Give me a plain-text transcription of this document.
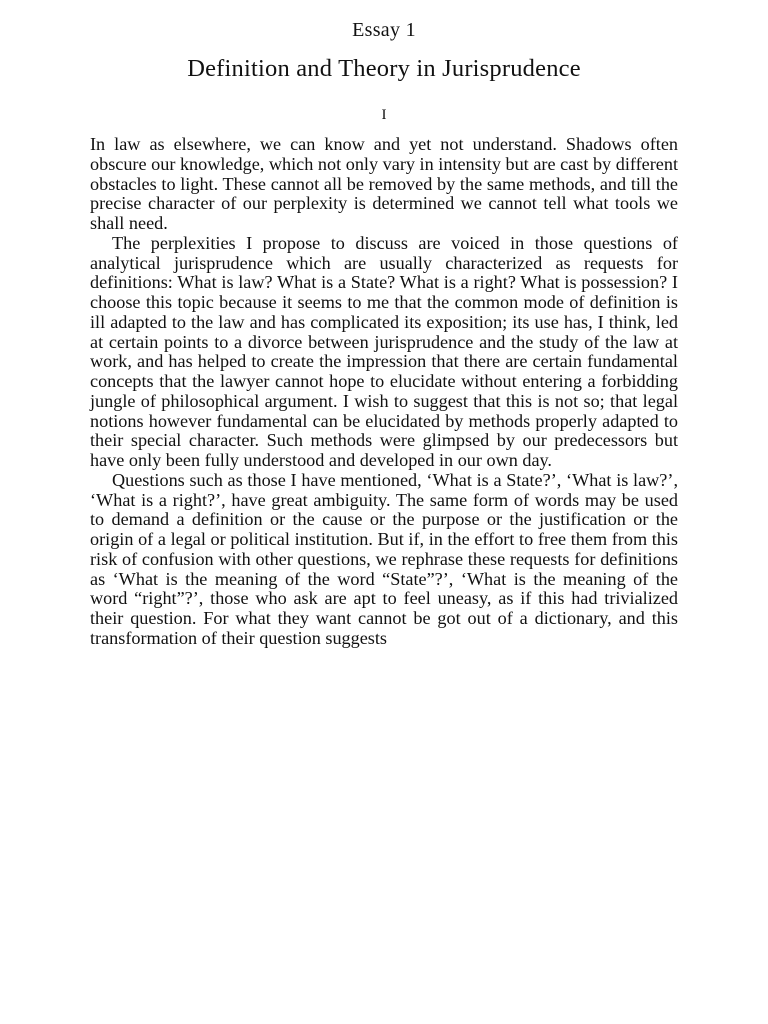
Essay 1
Definition and Theory in Jurisprudence
I

In law as elsewhere, we can know and yet not understand. Shadows often obscure our knowledge, which not only vary in intensity but are cast by different obstacles to light. These cannot all be removed by the same methods, and till the precise character of our perplexity is determined we cannot tell what tools we shall need.

The perplexities I propose to discuss are voiced in those questions of analytical jurisprudence which are usually characterized as requests for definitions: What is law? What is a State? What is a right? What is possession? I choose this topic because it seems to me that the common mode of definition is ill adapted to the law and has complicated its exposition; its use has, I think, led at certain points to a divorce between jurisprudence and the study of the law at work, and has helped to create the impression that there are certain fundamental concepts that the lawyer cannot hope to elucidate without entering a forbidding jungle of philosophical argument. I wish to suggest that this is not so; that legal notions however fundamental can be elucidated by methods properly adapted to their special character. Such methods were glimpsed by our predecessors but have only been fully understood and developed in our own day.

Questions such as those I have mentioned, ‘What is a State?’, ‘What is law?’, ‘What is a right?’, have great ambiguity. The same form of words may be used to demand a definition or the cause or the purpose or the justification or the origin of a legal or political institution. But if, in the effort to free them from this risk of confusion with other questions, we rephrase these requests for definitions as ‘What is the meaning of the word “State”?’, ‘What is the meaning of the word “right”?’, those who ask are apt to feel uneasy, as if this had trivialized their question. For what they want cannot be got out of a dictionary, and this transformation of their question suggests
